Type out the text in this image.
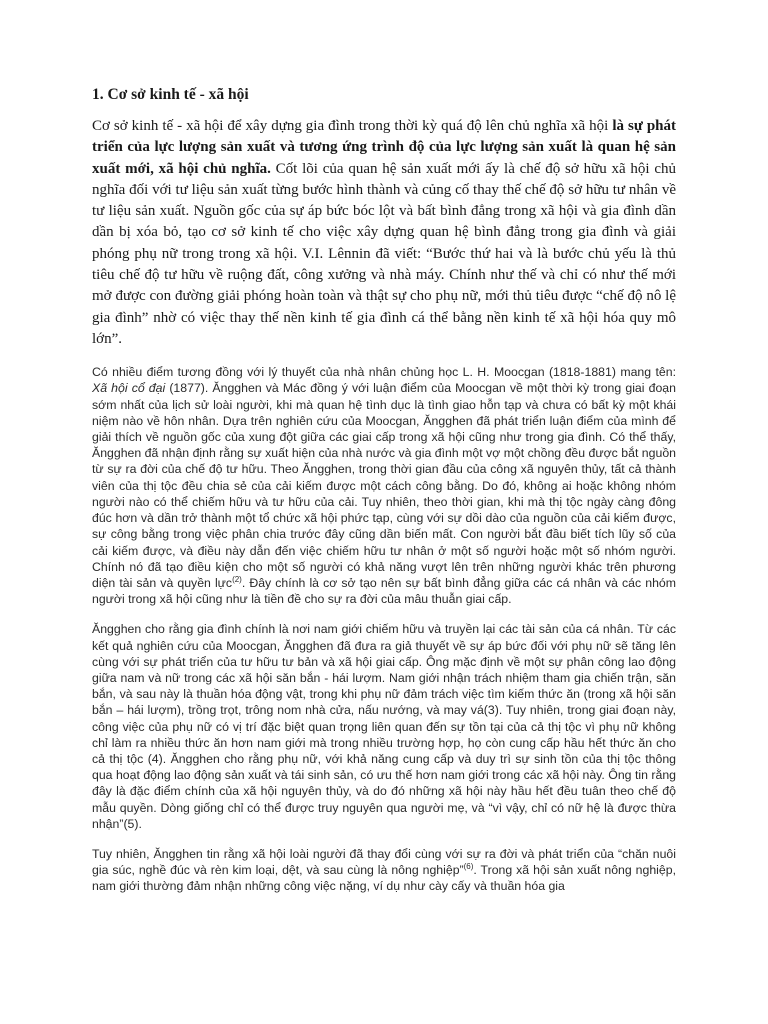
1. Cơ sở kinh tế - xã hội

Cơ sở kinh tế - xã hội để xây dựng gia đình trong thời kỳ quá độ lên chủ nghĩa xã hội là sự phát triển của lực lượng sản xuất và tương ứng trình độ của lực lượng sản xuất là quan hệ sản xuất mới, xã hội chủ nghĩa. Cốt lõi của quan hệ sản xuất mới ấy là chế độ sở hữu xã hội chủ nghĩa đối với tư liệu sản xuất từng bước hình thành và củng cố thay thế chế độ sở hữu tư nhân về tư liệu sản xuất. Nguồn gốc của sự áp bức bóc lột và bất bình đẳng trong xã hội và gia đình dần dần bị xóa bỏ, tạo cơ sở kinh tế cho việc xây dựng quan hệ bình đẳng trong gia đình và giải phóng phụ nữ trong trong xã hội. V.I. Lênnin đã viết: “Bước thứ hai và là bước chủ yếu là thủ tiêu chế độ tư hữu về ruộng đất, công xưởng và nhà máy. Chính như thế và chỉ có như thế mới mở được con đường giải phóng hoàn toàn và thật sự cho phụ nữ, mới thủ tiêu được “chế độ nô lệ gia đình” nhờ có việc thay thế nền kinh tế gia đình cá thể bằng nền kinh tế xã hội hóa quy mô lớn”.

Có nhiều điểm tương đồng với lý thuyết của nhà nhân chủng học L. H. Moocgan (1818-1881) mang tên: Xã hội cổ đại (1877). Ăngghen và Mác đồng ý với luận điểm của Moocgan về một thời kỳ trong giai đoạn sớm nhất của lịch sử loài người, khi mà quan hệ tình dục là tình giao hỗn tạp và chưa có bất kỳ một khái niệm nào về hôn nhân. Dựa trên nghiên cứu của Moocgan, Ăngghen đã phát triển luận điểm của mình để giải thích về nguồn gốc của xung đột giữa các giai cấp trong xã hội cũng như trong gia đình. Có thể thấy, Ăngghen đã nhận định rằng sự xuất hiện của nhà nước và gia đình một vợ một chồng đều được bắt nguồn từ sự ra đời của chế độ tư hữu. Theo Ăngghen, trong thời gian đầu của công xã nguyên thủy, tất cả thành viên của thị tộc đều chia sẻ của cải kiếm được một cách công bằng. Do đó, không ai hoặc không nhóm người nào có thể chiếm hữu và tư hữu của cải. Tuy nhiên, theo thời gian, khi mà thị tộc ngày càng đông đúc hơn và dần trở thành một tổ chức xã hội phức tạp, cùng với sự dồi dào của nguồn của cải kiếm được, sự công bằng trong việc phân chia trước đây cũng dần biến mất. Con người bắt đầu biết tích lũy số của cải kiếm được, và điều này dẫn đến việc chiếm hữu tư nhân ở một số người hoặc một số nhóm người. Chính nó đã tạo điều kiện cho một số người có khả năng vượt lên trên những người khác trên phương diện tài sản và quyền lực$^{(2)}$. Đây chính là cơ sở tạo nên sự bất bình đẳng giữa các cá nhân và các nhóm người trong xã hội cũng như là tiền đề cho sự ra đời của mâu thuẫn giai cấp.

Ăngghen cho rằng gia đình chính là nơi nam giới chiếm hữu và truyền lại các tài sản của cá nhân. Từ các kết quả nghiên cứu của Moocgan, Ăngghen đã đưa ra giả thuyết về sự áp bức đối với phụ nữ sẽ tăng lên cùng với sự phát triển của tư hữu tư bản và xã hội giai cấp. Ông mặc định về một sự phân công lao động giữa nam và nữ trong các xã hội săn bắn - hái lượm. Nam giới nhận trách nhiệm tham gia chiến trận, săn bắn, và sau này là thuần hóa động vật, trong khi phụ nữ đảm trách việc tìm kiếm thức ăn (trong xã hội săn bắn – hái lượm), trồng trọt, trông nom nhà cửa, nấu nướng, và may vá(3). Tuy nhiên, trong giai đoạn này, công việc của phụ nữ có vị trí đặc biệt quan trọng liên quan đến sự tồn tại của cả thị tộc vì phụ nữ không chỉ làm ra nhiều thức ăn hơn nam giới mà trong nhiều trường hợp, họ còn cung cấp hầu hết thức ăn cho cả thị tộc (4). Ăngghen cho rằng phụ nữ, với khả năng cung cấp và duy trì sự sinh tồn của thị tộc thông qua hoạt động lao động sản xuất và tái sinh sản, có ưu thế hơn nam giới trong các xã hội này. Ông tin rằng đây là đặc điểm chính của xã hội nguyên thủy, và do đó những xã hội này hầu hết đều tuân theo chế độ mẫu quyền. Dòng giống chỉ có thể được truy nguyên qua người mẹ, và “vì vậy, chỉ có nữ hệ là được thừa nhận”(5).

Tuy nhiên, Ăngghen tin rằng xã hội loài người đã thay đổi cùng với sự ra đời và phát triển của “chăn nuôi gia súc, nghề đúc và rèn kim loại, dệt, và sau cùng là nông nghiệp”$^{(6)}$. Trong xã hội sản xuất nông nghiệp, nam giới thường đảm nhận những công việc nặng, ví dụ như cày cấy và thuần hóa gia
